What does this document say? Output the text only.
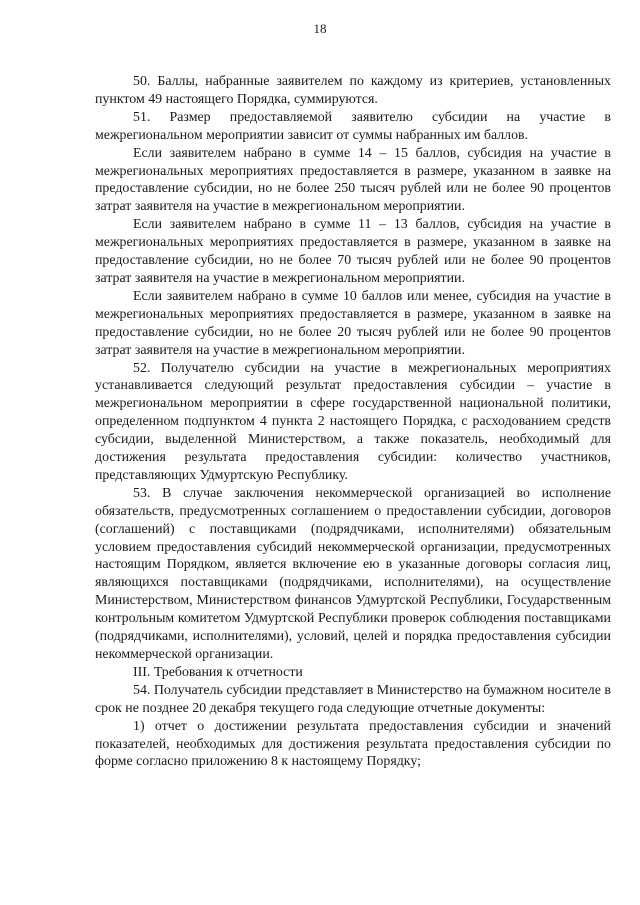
18

50. Баллы, набранные заявителем по каждому из критериев, установленных пунктом 49 настоящего Порядка, суммируются.

51. Размер предоставляемой заявителю субсидии на участие в межрегиональном мероприятии зависит от суммы набранных им баллов.

Если заявителем набрано в сумме 14 – 15 баллов, субсидия на участие в межрегиональных мероприятиях предоставляется в размере, указанном в заявке на предоставление субсидии, но не более 250 тысяч рублей или не более 90 процентов затрат заявителя на участие в межрегиональном мероприятии.

Если заявителем набрано в сумме 11 – 13 баллов, субсидия на участие в межрегиональных мероприятиях предоставляется в размере, указанном в заявке на предоставление субсидии, но не более 70 тысяч рублей или не более 90 процентов затрат заявителя на участие в межрегиональном мероприятии.

Если заявителем набрано в сумме 10 баллов или менее, субсидия на участие в межрегиональных мероприятиях предоставляется в размере, указанном в заявке на предоставление субсидии, но не более 20 тысяч рублей или не более 90 процентов затрат заявителя на участие в межрегиональном мероприятии.

52. Получателю субсидии на участие в межрегиональных мероприятиях устанавливается следующий результат предоставления субсидии – участие в межрегиональном мероприятии в сфере государственной национальной политики, определенном подпунктом 4 пункта 2 настоящего Порядка, с расходованием средств субсидии, выделенной Министерством, а также показатель, необходимый для достижения результата предоставления субсидии: количество участников, представляющих Удмуртскую Республику.

53. В случае заключения некоммерческой организацией во исполнение обязательств, предусмотренных соглашением о предоставлении субсидии, договоров (соглашений) с поставщиками (подрядчиками, исполнителями) обязательным условием предоставления субсидий некоммерческой организации, предусмотренных настоящим Порядком, является включение ею в указанные договоры согласия лиц, являющихся поставщиками (подрядчиками, исполнителями), на осуществление Министерством, Министерством финансов Удмуртской Республики, Государственным контрольным комитетом Удмуртской Республики проверок соблюдения поставщиками (подрядчиками, исполнителями), условий, целей и порядка предоставления субсидии некоммерческой организации.

III. Требования к отчетности

54. Получатель субсидии представляет в Министерство на бумажном носителе в срок не позднее 20 декабря текущего года следующие отчетные документы:

1) отчет о достижении результата предоставления субсидии и значений показателей, необходимых для достижения результата предоставления субсидии по форме согласно приложению 8 к настоящему Порядку;
